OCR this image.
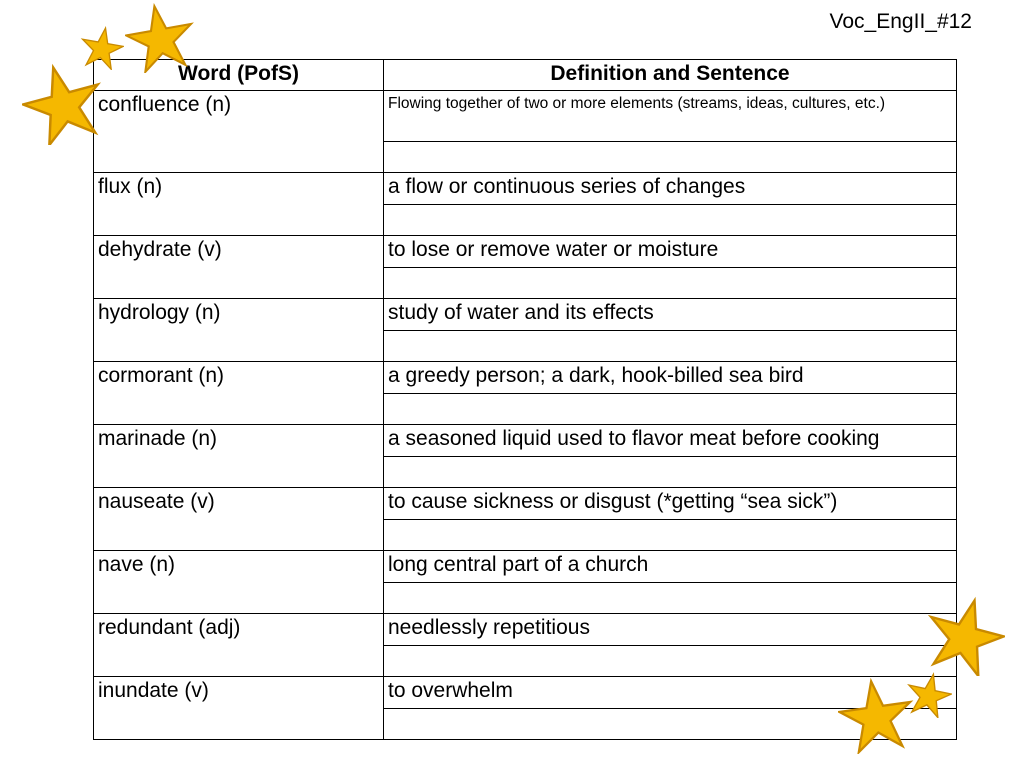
Voc_EngII_#12
Word (PofS)	Definition and Sentence
confluence (n)	Flowing together of two or more elements (streams, ideas, cultures, etc.)

flux (n)	a flow or continuous series of changes

dehydrate (v)	to lose or remove water or moisture

hydrology (n)	study of water and its effects

cormorant (n)	a greedy person; a dark, hook-billed sea bird

marinade (n)	a seasoned liquid used to flavor meat before cooking

nauseate (v)	to cause sickness or disgust (*getting “sea sick”)

nave (n)	long central part of a church

redundant (adj)	needlessly repetitious

inundate (v)	to overwhelm
